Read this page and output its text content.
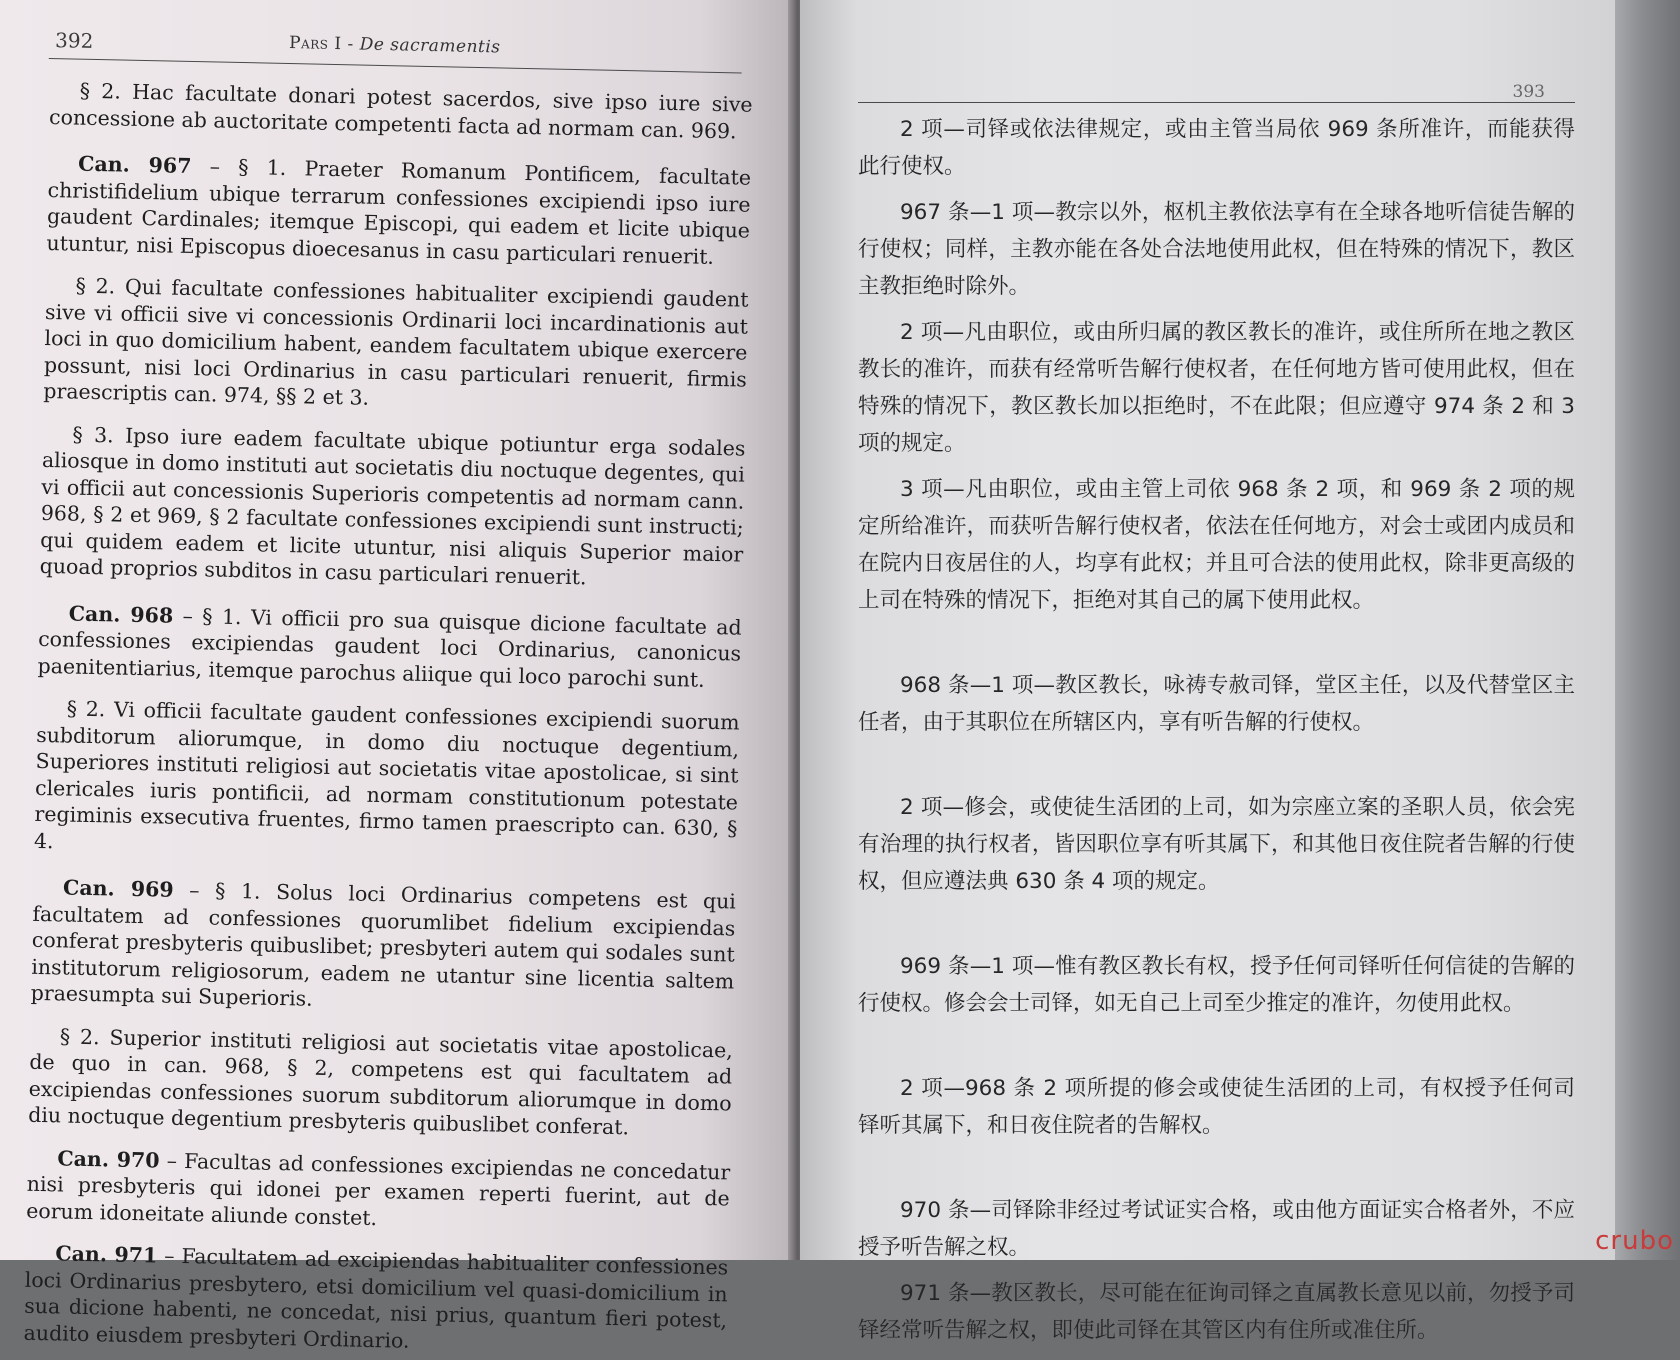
392	Pars I - De sacramentis

§ 2. Hac facultate donari potest sacerdos, sive ipso iure sive concessione ab auctoritate competenti facta ad normam can. 969.

Can. 967 – § 1. Praeter Romanum Pontificem, facultate christifidelium ubique terrarum confessiones excipiendi ipso iure gaudent Cardinales; itemque Episcopi, qui eadem et licite ubique utuntur, nisi Episcopus dioecesanus in casu particulari renuerit.

§ 2. Qui facultate confessiones habitualiter excipiendi gaudent sive vi officii sive vi concessionis Ordinarii loci incardinationis aut loci in quo domicilium habent, eandem facultatem ubique exercere possunt, nisi loci Ordinarius in casu particulari renuerit, firmis praescriptis can. 974, §§ 2 et 3.

§ 3. Ipso iure eadem facultate ubique potiuntur erga sodales aliosque in domo instituti aut societatis diu noctuque degentes, qui vi officii aut concessionis Superioris competentis ad normam cann. 968, § 2 et 969, § 2 facultate confessiones excipiendi sunt instructi; qui quidem eadem et licite utuntur, nisi aliquis Superior maior quoad proprios subditos in casu particulari renuerit.

Can. 968 – § 1. Vi officii pro sua quisque dicione facultate ad confessiones excipiendas gaudent loci Ordinarius, canonicus paenitentiarius, itemque parochus aliique qui loco parochi sunt.

§ 2. Vi officii facultate gaudent confessiones excipiendi suorum subditorum aliorumque, in domo diu noctuque degentium, Superiores instituti religiosi aut societatis vitae apostolicae, si sint clericales iuris pontificii, ad normam constitutionum potestate regiminis exsecutiva fruentes, firmo tamen praescripto can. 630, § 4.

Can. 969 – § 1. Solus loci Ordinarius competens est qui facultatem ad confessiones quorumlibet fidelium excipiendas conferat presbyteris quibuslibet; presbyteri autem qui sodales sunt institutorum religiosorum, eadem ne utantur sine licentia saltem praesumpta sui Superioris.

§ 2. Superior instituti religiosi aut societatis vitae apostolicae, de quo in can. 968, § 2, competens est qui facultatem ad excipiendas confessiones suorum subditorum aliorumque in domo diu noctuque degentium presbyteris quibuslibet conferat.

Can. 970 – Facultas ad confessiones excipiendas ne concedatur nisi presbyteris qui idonei per examen reperti fuerint, aut de eorum idoneitate aliunde constet.

Can. 971 – Facultatem ad excipiendas habitualiter confessiones loci Ordinarius presbytero, etsi domicilium vel quasi-domicilium in sua dicione habenti, ne concedat, nisi prius, quantum fieri potest, audito eiusdem presbyteri Ordinario.

393

2 项—司铎或依法律规定，或由主管当局依 969 条所准许，而能获得此行使权。

967 条—1 项—教宗以外，枢机主教依法享有在全球各地听信徒告解的行使权；同样，主教亦能在各处合法地使用此权，但在特殊的情况下，教区主教拒绝时除外。

2 项—凡由职位，或由所归属的教区教长的准许，或住所所在地之教区教长的准许，而获有经常听告解行使权者，在任何地方皆可使用此权，但在特殊的情况下，教区教长加以拒绝时，不在此限；但应遵守 974 条 2 和 3 项的规定。

3 项—凡由职位，或由主管上司依 968 条 2 项，和 969 条 2 项的规定所给准许，而获听告解行使权者，依法在任何地方，对会士或团内成员和在院内日夜居住的人，均享有此权；并且可合法的使用此权，除非更高级的上司在特殊的情况下，拒绝对其自己的属下使用此权。

968 条—1 项—教区教长，咏祷专赦司铎，堂区主任，以及代替堂区主任者，由于其职位在所辖区内，享有听告解的行使权。

2 项—修会，或使徒生活团的上司，如为宗座立案的圣职人员，依会宪有治理的执行权者，皆因职位享有听其属下，和其他日夜住院者告解的行使权，但应遵法典 630 条 4 项的规定。

969 条—1 项—惟有教区教长有权，授予任何司铎听任何信徒的告解的行使权。修会会士司铎，如无自己上司至少推定的准许，勿使用此权。

2 项—968 条 2 项所提的修会或使徒生活团的上司，有权授予任何司铎听其属下，和日夜住院者的告解权。

970 条—司铎除非经过考试证实合格，或由他方面证实合格者外，不应授予听告解之权。

971 条—教区教长，尽可能在征询司铎之直属教长意见以前，勿授予司铎经常听告解之权，即使此司铎在其管区内有住所或准住所。

crubo
